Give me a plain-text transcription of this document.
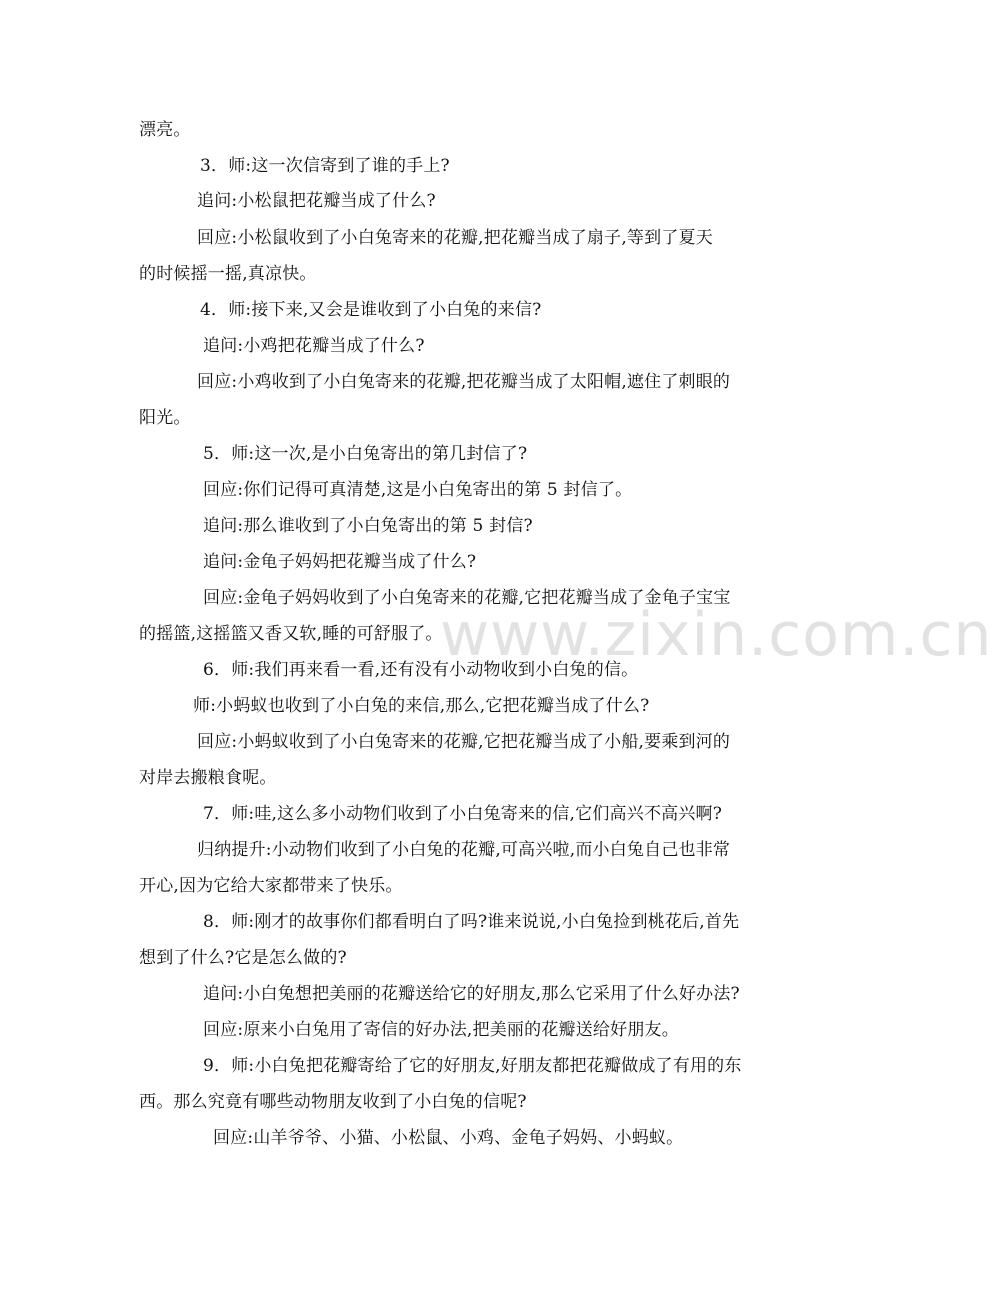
www.zixin.com.cn
漂亮。
3．师:这一次信寄到了谁的手上?
追问:小松鼠把花瓣当成了什么?
回应:小松鼠收到了小白兔寄来的花瓣,把花瓣当成了扇子,等到了夏天
的时候摇一摇,真凉快。
4．师:接下来,又会是谁收到了小白兔的来信?
追问:小鸡把花瓣当成了什么?
回应:小鸡收到了小白兔寄来的花瓣,把花瓣当成了太阳帽,遮住了刺眼的
阳光。
5．师:这一次,是小白兔寄出的第几封信了?
回应:你们记得可真清楚,这是小白兔寄出的第 5 封信了。
追问:那么谁收到了小白兔寄出的第 5 封信?
追问:金龟子妈妈把花瓣当成了什么?
回应:金龟子妈妈收到了小白兔寄来的花瓣,它把花瓣当成了金龟子宝宝
的摇篮,这摇篮又香又软,睡的可舒服了。
6．师:我们再来看一看,还有没有小动物收到小白兔的信。
师:小蚂蚁也收到了小白兔的来信,那么,它把花瓣当成了什么?
回应:小蚂蚁收到了小白兔寄来的花瓣,它把花瓣当成了小船,要乘到河的
对岸去搬粮食呢。
7．师:哇,这么多小动物们收到了小白兔寄来的信,它们高兴不高兴啊?
归纳提升:小动物们收到了小白兔的花瓣,可高兴啦,而小白兔自己也非常
开心,因为它给大家都带来了快乐。
8．师:刚才的故事你们都看明白了吗?谁来说说,小白兔捡到桃花后,首先
想到了什么?它是怎么做的?
追问:小白兔想把美丽的花瓣送给它的好朋友,那么它采用了什么好办法?
回应:原来小白兔用了寄信的好办法,把美丽的花瓣送给好朋友。
9．师:小白兔把花瓣寄给了它的好朋友,好朋友都把花瓣做成了有用的东
西。那么究竟有哪些动物朋友收到了小白兔的信呢?
回应:山羊爷爷、小猫、小松鼠、小鸡、金龟子妈妈、小蚂蚁。
